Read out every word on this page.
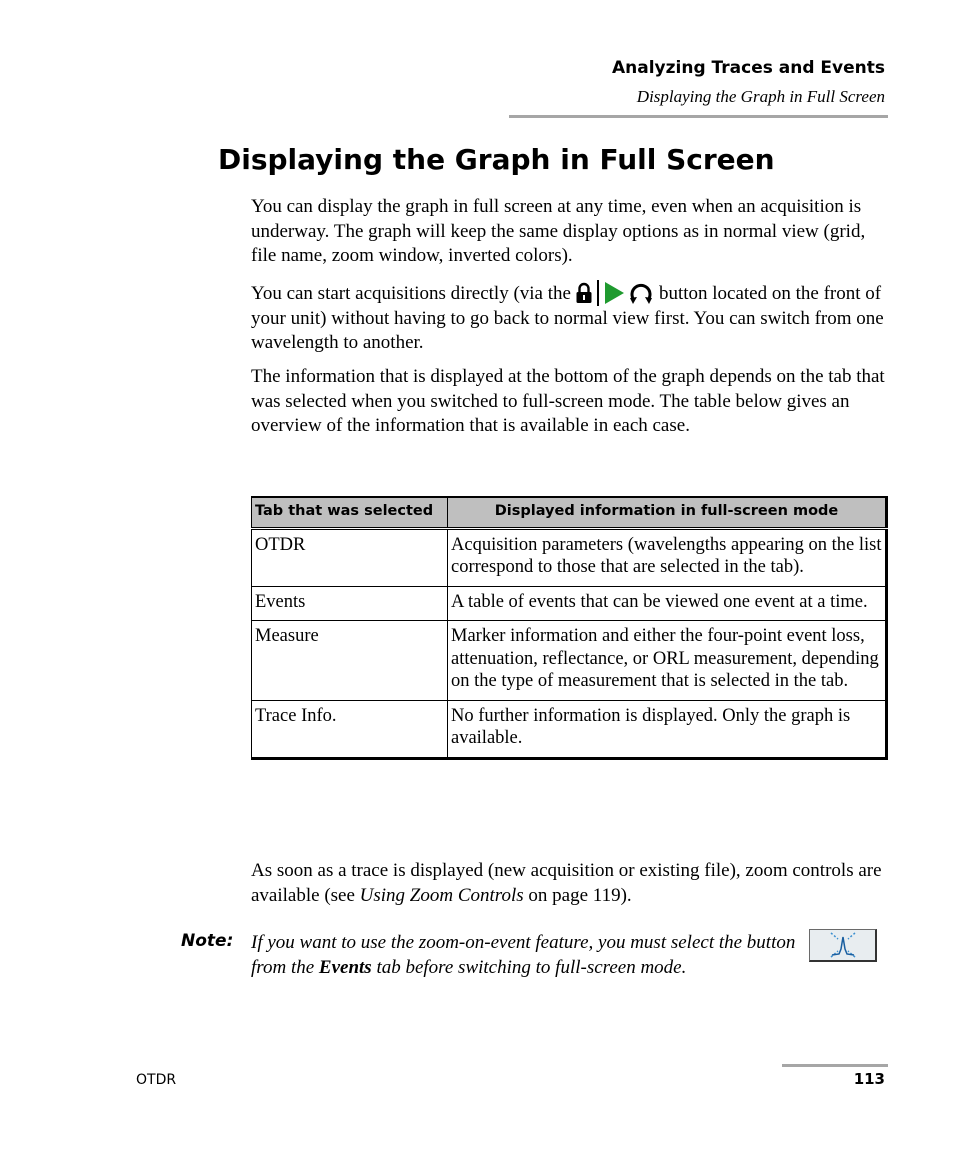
Analyzing Traces and Events
Displaying the Graph in Full Screen
Displaying the Graph in Full Screen

You can display the graph in full screen at any time, even when an acquisition is underway. The graph will keep the same display options as in normal view (grid, file name, zoom window, inverted colors).

You can start acquisitions directly (via the	button located on the front of your unit) without having to go back to normal view first. You can switch from one wavelength to another.

The information that is displayed at the bottom of the graph depends on the tab that was selected when you switched to full-screen mode. The table below gives an overview of the information that is available in each case.

Tab that was selected	Displayed information in full-screen mode
OTDR	Acquisition parameters (wavelengths appearing on the list correspond to those that are selected in the tab).
Events	A table of events that can be viewed one event at a time.
Measure	Marker information and either the four-point event loss, attenuation, reflectance, or ORL measurement, depending on the type of measurement that is selected in the tab.
Trace Info.	No further information is displayed. Only the graph is available.

As soon as a trace is displayed (new acquisition or existing file), zoom controls are available (see Using Zoom Controls on page 119).

Note: If you want to use the zoom-on-event feature, you must select the button from the Events tab before switching to full-screen mode.
OTDR	113
